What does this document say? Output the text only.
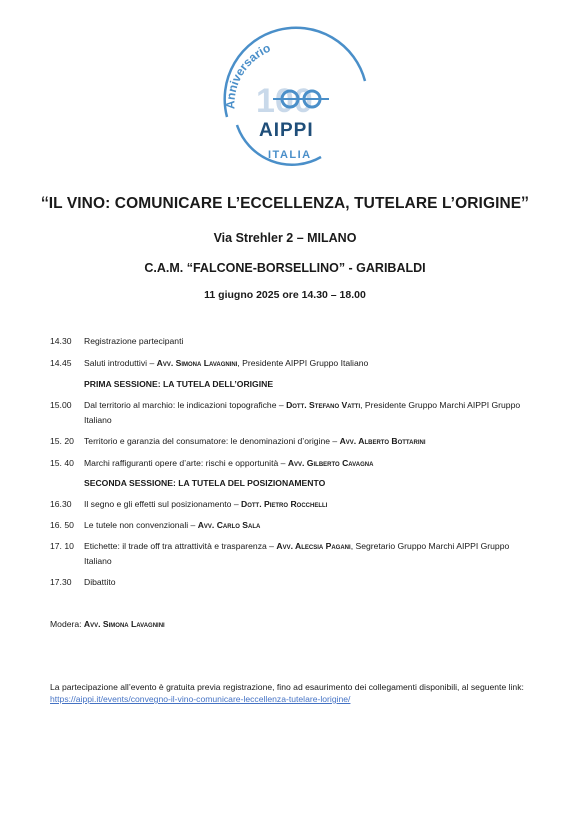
Anniversario
100
AIPPI
ITALIA
“IL VINO: COMUNICARE L’ECCELLENZA, TUTELARE L’ORIGINE”
Via Strehler 2 – MILANO
C.A.M. “FALCONE-BORSELLINO” - GARIBALDI
11 giugno 2025 ore 14.30 – 18.00
14.30	Registrazione partecipanti
14.45	Saluti introduttivi – Avv. Simona Lavagnini, Presidente AIPPI Gruppo Italiano
PRIMA SESSIONE: LA TUTELA DELL’ORIGINE
15.00	Dal territorio al marchio: le indicazioni topografiche – Dott. Stefano Vatti, Presidente Gruppo Marchi AIPPI Gruppo Italiano
15. 20	Territorio e garanzia del consumatore: le denominazioni d’origine – Avv. Alberto Bottarini
15. 40	Marchi raffiguranti opere d’arte: rischi e opportunità – Avv. Gilberto Cavagna
SECONDA SESSIONE: LA TUTELA DEL POSIZIONAMENTO
16.30	Il segno e gli effetti sul posizionamento – Dott. Pietro Rocchelli
16. 50	Le tutele non convenzionali – Avv. Carlo Sala
17. 10	Etichette: il trade off tra attrattività e trasparenza – Avv. Alecsia Pagani, Segretario Gruppo Marchi AIPPI Gruppo Italiano
17.30	Dibattito
Modera: Avv. Simona Lavagnini
La partecipazione all’evento è gratuita previa registrazione, fino ad esaurimento dei collegamenti disponibili, al seguente link: https://aippi.it/events/convegno-il-vino-comunicare-leccellenza-tutelare-lorigine/
